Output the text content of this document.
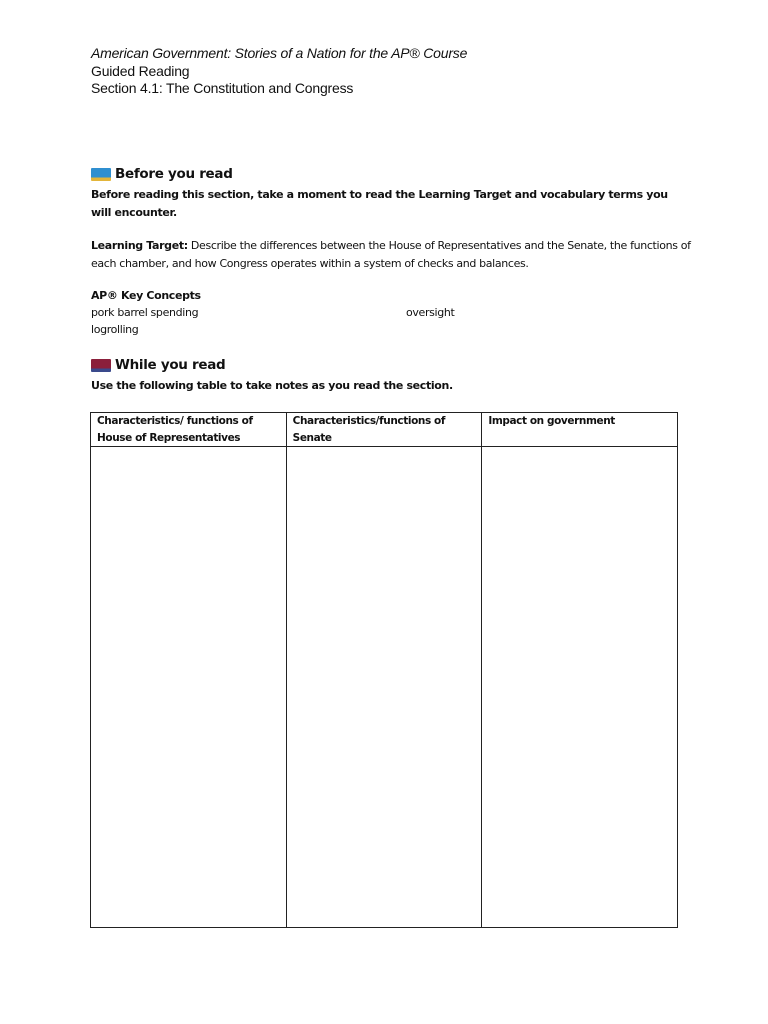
American Government: Stories of a Nation for the AP® Course
Guided Reading
Section 4.1: The Constitution and Congress
Before you read
Before reading this section, take a moment to read the Learning Target and vocabulary terms you will encounter.
Learning Target: Describe the differences between the House of Representatives and the Senate, the functions of each chamber, and how Congress operates within a system of checks and balances.
AP® Key Concepts
pork barrel spending	oversight
logrolling
While you read
Use the following table to take notes as you read the section.
Characteristics/ functions of House of Representatives	Characteristics/functions of Senate	Impact on government
